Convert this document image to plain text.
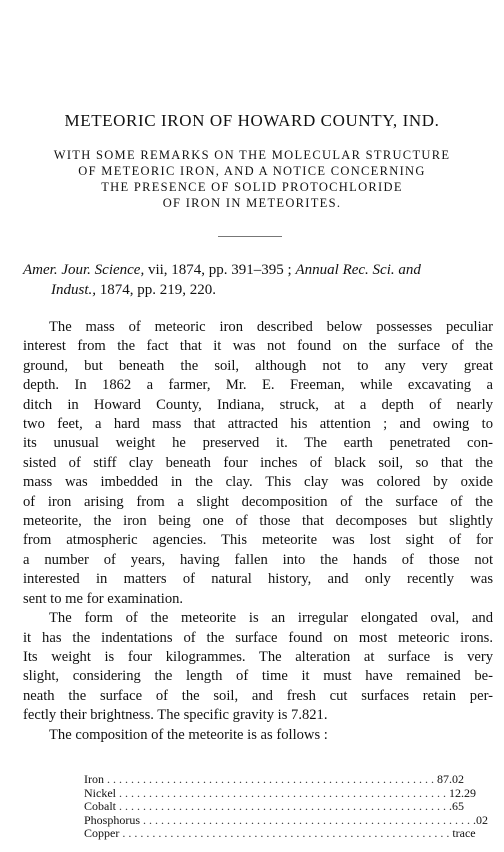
METEORIC IRON OF HOWARD COUNTY, IND.
WITH SOME REMARKS ON THE MOLECULAR STRUCTURE
OF METEORIC IRON, AND A NOTICE CONCERNING
THE PRESENCE OF SOLID PROTOCHLORIDE
OF IRON IN METEORITES.
Amer. Jour. Science, vii, 1874, pp. 391–395 ; Annual Rec. Sci. and
Indust., 1874, pp. 219, 220.
The mass of meteoric iron described below possesses peculiar
interest from the fact that it was not found on the surface of the
ground, but beneath the soil, although not to any very great
depth. In 1862 a farmer, Mr. E. Freeman, while excavating a
ditch in Howard County, Indiana, struck, at a depth of nearly
two feet, a hard mass that attracted his attention ; and owing to
its unusual weight he preserved it. The earth penetrated con-
sisted of stiff clay beneath four inches of black soil, so that the
mass was imbedded in the clay. This clay was colored by oxide
of iron arising from a slight decomposition of the surface of the
meteorite, the iron being one of those that decomposes but slightly
from atmospheric agencies. This meteorite was lost sight of for
a number of years, having fallen into the hands of those not
interested in matters of natural history, and only recently was
sent to me for examination.
The form of the meteorite is an irregular elongated oval, and
it has the indentations of the surface found on most meteoric irons.
Its weight is four kilogrammes. The alteration at surface is very
slight, considering the length of time it must have remained be-
neath the surface of the soil, and fresh cut surfaces retain per-
fectly their brightness. The specific gravity is 7.821.
The composition of the meteorite is as follows :
Iron . . . . . . . . . . . . . . . . . . . . . . . . . . . . . . . . . . . . . . . . . . . . . . . . . . . . . . . 87.02
Nickel . . . . . . . . . . . . . . . . . . . . . . . . . . . . . . . . . . . . . . . . . . . . . . . . . . . . . . . 12.29
Cobalt . . . . . . . . . . . . . . . . . . . . . . . . . . . . . . . . . . . . . . . . . . . . . . . . . . . . . . . .65
Phosphorus . . . . . . . . . . . . . . . . . . . . . . . . . . . . . . . . . . . . . . . . . . . . . . . . . . . . . . . .02
Copper . . . . . . . . . . . . . . . . . . . . . . . . . . . . . . . . . . . . . . . . . . . . . . . . . . . . . . . trace
